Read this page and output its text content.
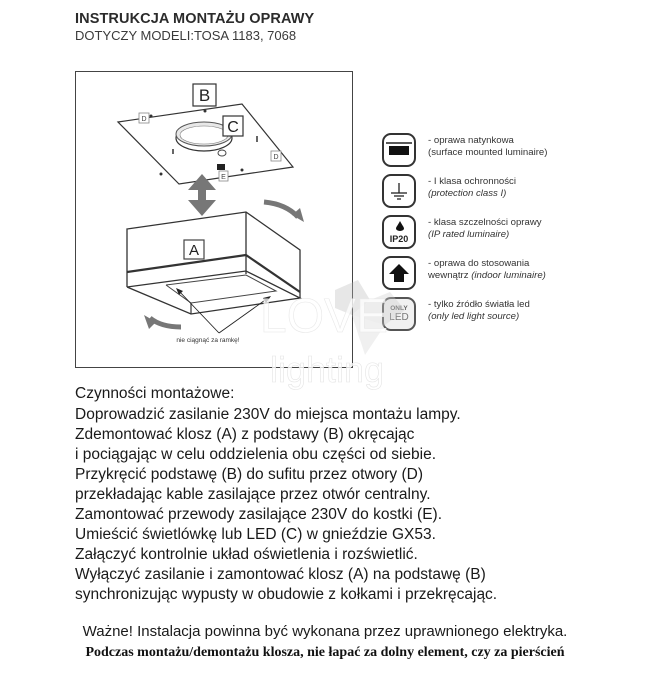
INSTRUKCJA MONTAŻU OPRAWY
DOTYCZY MODELI:TOSA 1183, 7068
B
C
D
D
E
A
nie ciągnąć za ramkę!
- oprawa natynkowa
(surface mounted luminaire)
- I klasa ochronności
(protection class I)
IP20
- klasa szczelności oprawy
(IP rated luminaire)
- oprawa do stosowania
wewnątrz (indoor luminaire)
ONLY
LED
- tylko źródło światła led
(only led light source)
LOVE
lighting
Czynności montażowe:
Doprowadzić zasilanie 230V do miejsca montażu lampy.
Zdemontować klosz (A) z podstawy (B) okręcając
i pociągając w celu oddzielenia obu części od siebie.
Przykręcić podstawę (B) do sufitu przez otwory (D)
przekładając kable zasilające przez otwór centralny.
Zamontować przewody zasilające 230V do kostki (E).
Umieścić świetlówkę lub LED (C) w gnieździe GX53.
Załączyć kontrolnie układ oświetlenia i rozświetlić.
Wyłączyć zasilanie i zamontować klosz (A) na podstawę (B)
synchronizując wypusty w obudowie z kołkami i przekręcając.
Ważne! Instalacja powinna być wykonana przez uprawnionego elektryka.
Podczas montażu/demontażu klosza, nie łapać za dolny element, czy za pierścień
